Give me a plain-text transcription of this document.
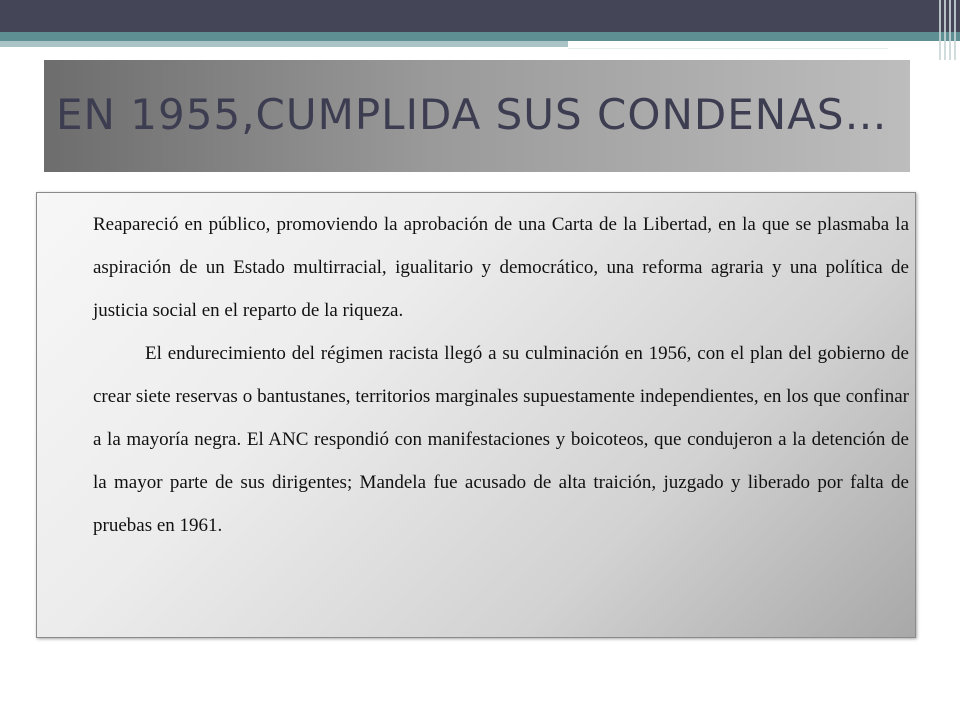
EN 1955,CUMPLIDA SUS CONDENAS…

Reapareció en público, promoviendo la aprobación de una Carta de la Libertad, en la que se plasmaba la aspiración de un Estado multirracial, igualitario y democrático, una reforma agraria y una política de justicia social en el reparto de la riqueza.

El endurecimiento del régimen racista llegó a su culminación en 1956, con el plan del gobierno de crear siete reservas o bantustanes, territorios marginales supuestamente independientes, en los que confinar a la mayoría negra. El ANC respondió con manifestaciones y boicoteos, que condujeron a la detención de la mayor parte de sus dirigentes; Mandela fue acusado de alta traición, juzgado y liberado por falta de pruebas en 1961.
